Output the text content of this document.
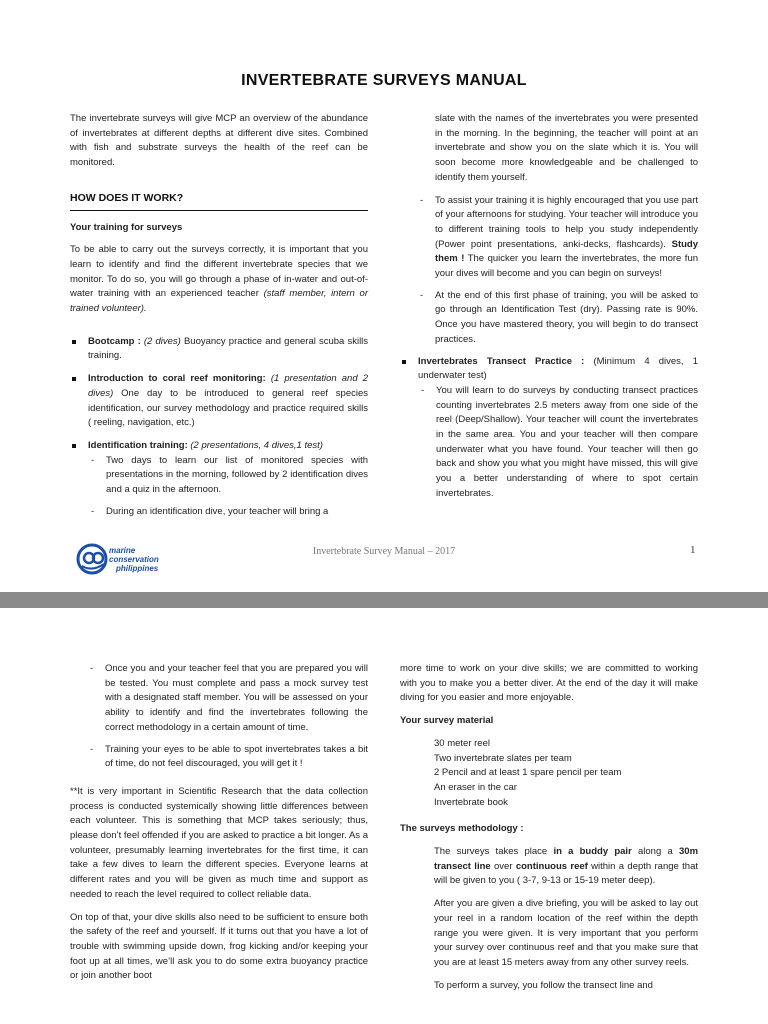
INVERTEBRATE SURVEYS MANUAL

The invertebrate surveys will give MCP an overview of the abundance of invertebrates at different depths at different dive sites. Combined with fish and substrate surveys the health of the reef can be monitored.

HOW DOES IT WORK?
Your training for surveys

To be able to carry out the surveys correctly, it is important that you learn to identify and find the different invertebrate species that we monitor. To do so, you will go through a phase of in-water and out-of-water training with an experienced teacher (staff member, intern or trained volunteer).

Bootcamp : (2 dives) Buoyancy practice and general scuba skills training.
Introduction to coral reef monitoring: (1 presentation and 2 dives) One day to be introduced to general reef species identification, our survey methodology and practice required skills ( reeling, navigation, etc.)
Identification training: (2 presentations, 4 dives,1 test)
- Two days to learn our list of monitored species with presentations in the morning, followed by 2 identification dives and a quiz in the afternoon.
- During an identification dive, your teacher will bring a

slate with the names of the invertebrates you were presented in the morning. In the beginning, the teacher will point at an invertebrate and show you on the slate which it is. You will soon become more knowledgeable and be challenged to identify them yourself.

- To assist your training it is highly encouraged that you use part of your afternoons for studying. Your teacher will introduce you to different training tools to help you study independently (Power point presentations, anki-decks, flashcards). Study them ! The quicker you learn the invertebrates, the more fun your dives will become and you can begin on surveys!
- At the end of this first phase of training, you will be asked to go through an Identification Test (dry). Passing rate is 90%. Once you have mastered theory, you will begin to do transect practices.
Invertebrates Transect Practice : (Minimum 4 dives, 1 underwater test)
- You will learn to do surveys by conducting transect practices counting invertebrates 2.5 meters away from one side of the reel (Deep/Shallow). Your teacher will count the invertebrates in the same area. You and your teacher will then compare underwater what you have found. Your teacher will then go back and show you what you might have missed, this will give you a better understanding of where to spot certain invertebrates.
marine
conservation
philippines
Invertebrate Survey Manual – 2017	1
- Once you and your teacher feel that you are prepared you will be tested. You must complete and pass a mock survey test with a designated staff member. You will be assessed on your ability to identify and find the invertebrates following the correct methodology in a certain amount of time.
- Training your eyes to be able to spot invertebrates takes a bit of time, do not feel discouraged, you will get it !

**It is very important in Scientific Research that the data collection process is conducted systemically showing little differences between each volunteer. This is something that MCP takes seriously; thus, please don’t feel offended if you are asked to practice a bit longer. As a volunteer, presumably learning invertebrates for the first time, it can take a few dives to learn the different species. Everyone learns at different rates and you will be given as much time and support as needed to reach the level required to collect reliable data.

On top of that, your dive skills also need to be sufficient to ensure both the safety of the reef and yourself. If it turns out that you have a lot of trouble with swimming upside down, frog kicking and/or keeping your foot up at all times, we’ll ask you to do some extra buoyancy practice or join another boot

more time to work on your dive skills; we are committed to working with you to make you a better diver. At the end of the day it will make diving for you easier and more enjoyable.

Your survey material
30 meter reel
Two invertebrate slates per team
2 Pencil and at least 1 spare pencil per team
An eraser in the car
Invertebrate book
The surveys methodology :

The surveys takes place in a buddy pair along a 30m transect line over continuous reef within a depth range that will be given to you ( 3-7, 9-13 or 15-19 meter deep).

After you are given a dive briefing, you will be asked to lay out your reel in a random location of the reef within the depth range you were given. It is very important that you perform your survey over continuous reef and that you make sure that you are at least 15 meters away from any other survey reels.

To perform a survey, you follow the transect line and
